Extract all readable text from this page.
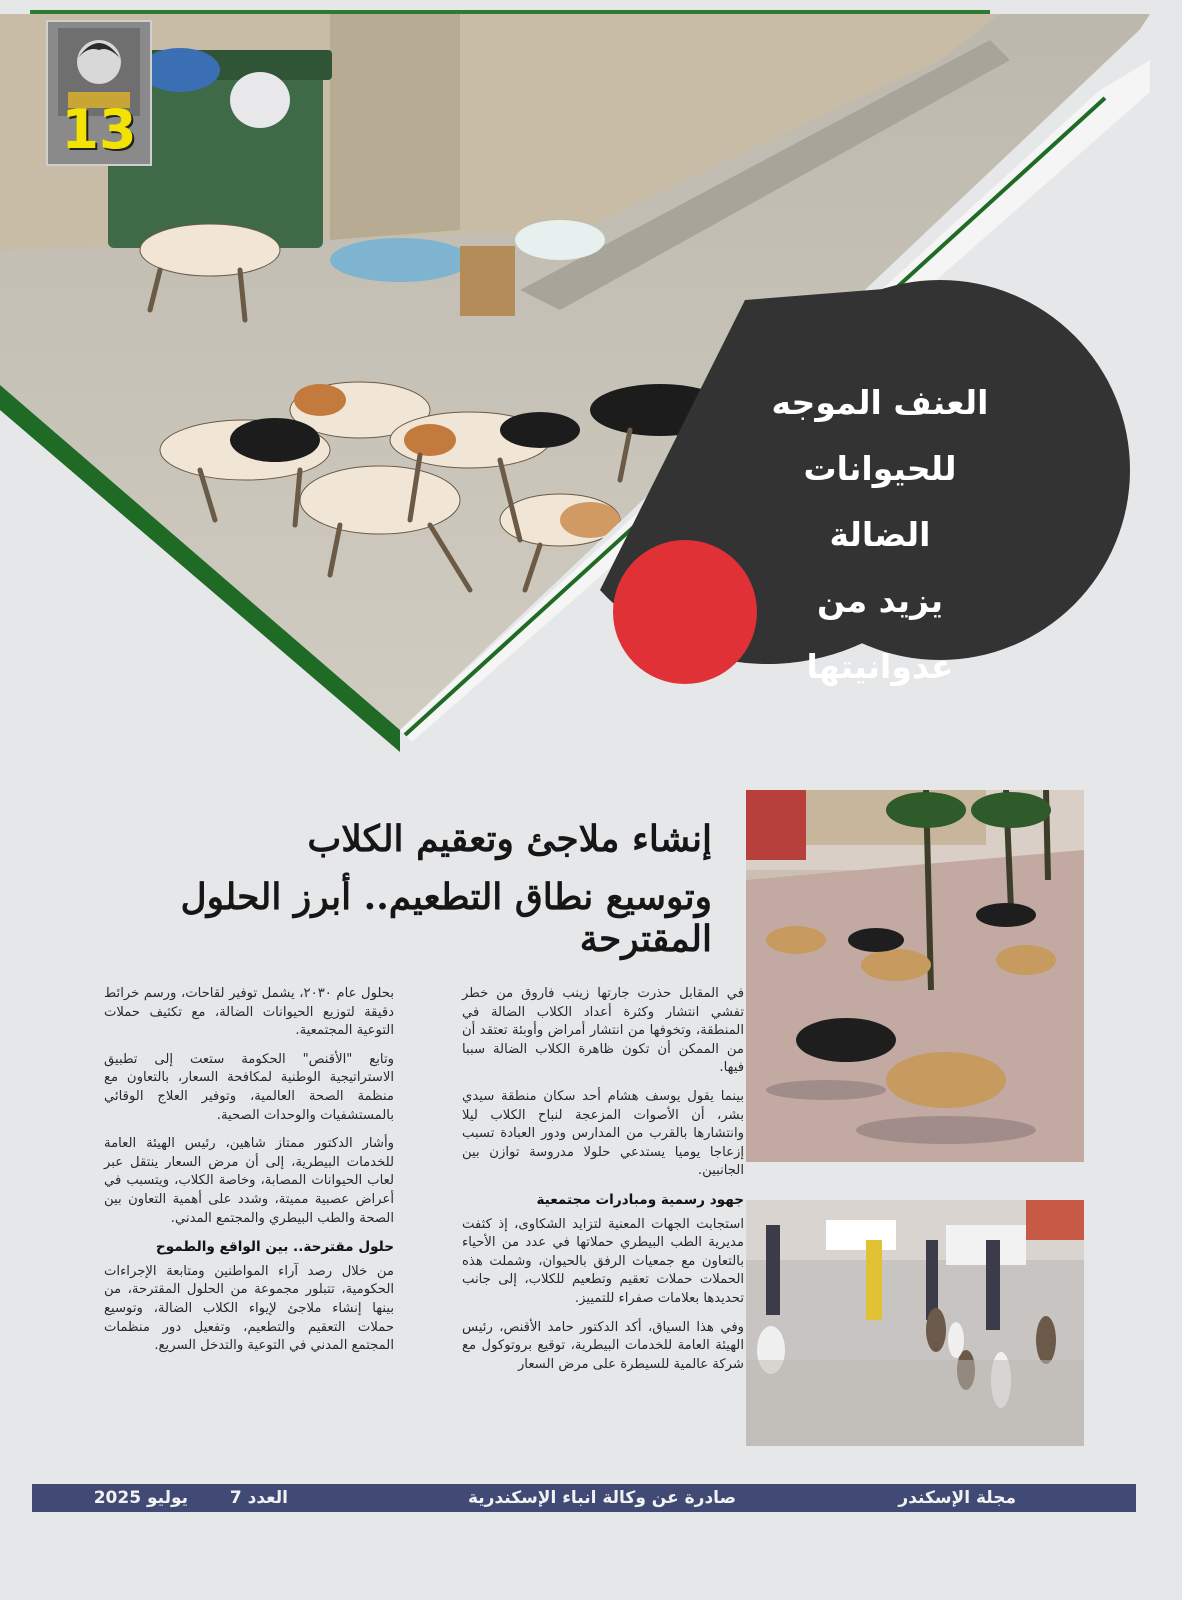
13
العنف الموجه
للحيوانات الضالة
يزيد من عدوانيتها
إنشاء ملاجئ وتعقيم الكلاب
وتوسيع نطاق التطعيم.. أبرز الحلول المقترحة

في المقابل حذرت جارتها زينب فاروق من خطر تفشي انتشار وكثرة أعداد الكلاب الضالة في المنطقة، وتخوفها من انتشار أمراض وأوبئة تعتقد أن من الممكن أن تكون ظاهرة الكلاب الضالة سببا فيها.

بينما يقول يوسف هشام أحد سكان منطقة سيدي بشر، أن الأصوات المزعجة لنباح الكلاب ليلا وانتشارها بالقرب من المدارس ودور العبادة تسبب إزعاجا يوميا يستدعي حلولا مدروسة توازن بين الجانبين.

جهود رسمية ومبادرات مجتمعية

استجابت الجهات المعنية لتزايد الشكاوى، إذ كثفت مديرية الطب البيطري حملاتها في عدد من الأحياء بالتعاون مع جمعيات الرفق بالحيوان، وشملت هذه الحملات حملات تعقيم وتطعيم للكلاب، إلى جانب تحديدها بعلامات صفراء للتمييز.

وفي هذا السياق، أكد الدكتور حامد الأقنص، رئيس الهيئة العامة للخدمات البيطرية، توقيع بروتوكول مع شركة عالمية للسيطرة على مرض السعار

بحلول عام ٢٠٣٠، يشمل توفير لقاحات، ورسم خرائط دقيقة لتوزيع الحيوانات الضالة، مع تكثيف حملات التوعية المجتمعية.

وتابع "الأقنص" الحكومة ستعت إلى تطبيق الاستراتيجية الوطنية لمكافحة السعار، بالتعاون مع منظمة الصحة العالمية، وتوفير العلاج الوقائي بالمستشفيات والوحدات الصحية.

وأشار الدكتور ممتاز شاهين، رئيس الهيئة العامة للخدمات البيطرية، إلى أن مرض السعار ينتقل عبر لعاب الحيوانات المصابة، وخاصة الكلاب، ويتسبب في أعراض عصبية مميتة، وشدد على أهمية التعاون بين الصحة والطب البيطري والمجتمع المدني.

حلول مقترحة.. بين الواقع والطموح

من خلال رصد آراء المواطنين ومتابعة الإجراءات الحكومية، تتبلور مجموعة من الحلول المقترحة، من بينها إنشاء ملاجئ لإيواء الكلاب الضالة، وتوسيع حملات التعقيم والتطعيم، وتفعيل دور منظمات المجتمع المدني في التوعية والتدخل السريع.

مجلة الإسكندر
صادرة عن وكالة انباء الإسكندرية
العدد 7
يوليو 2025
